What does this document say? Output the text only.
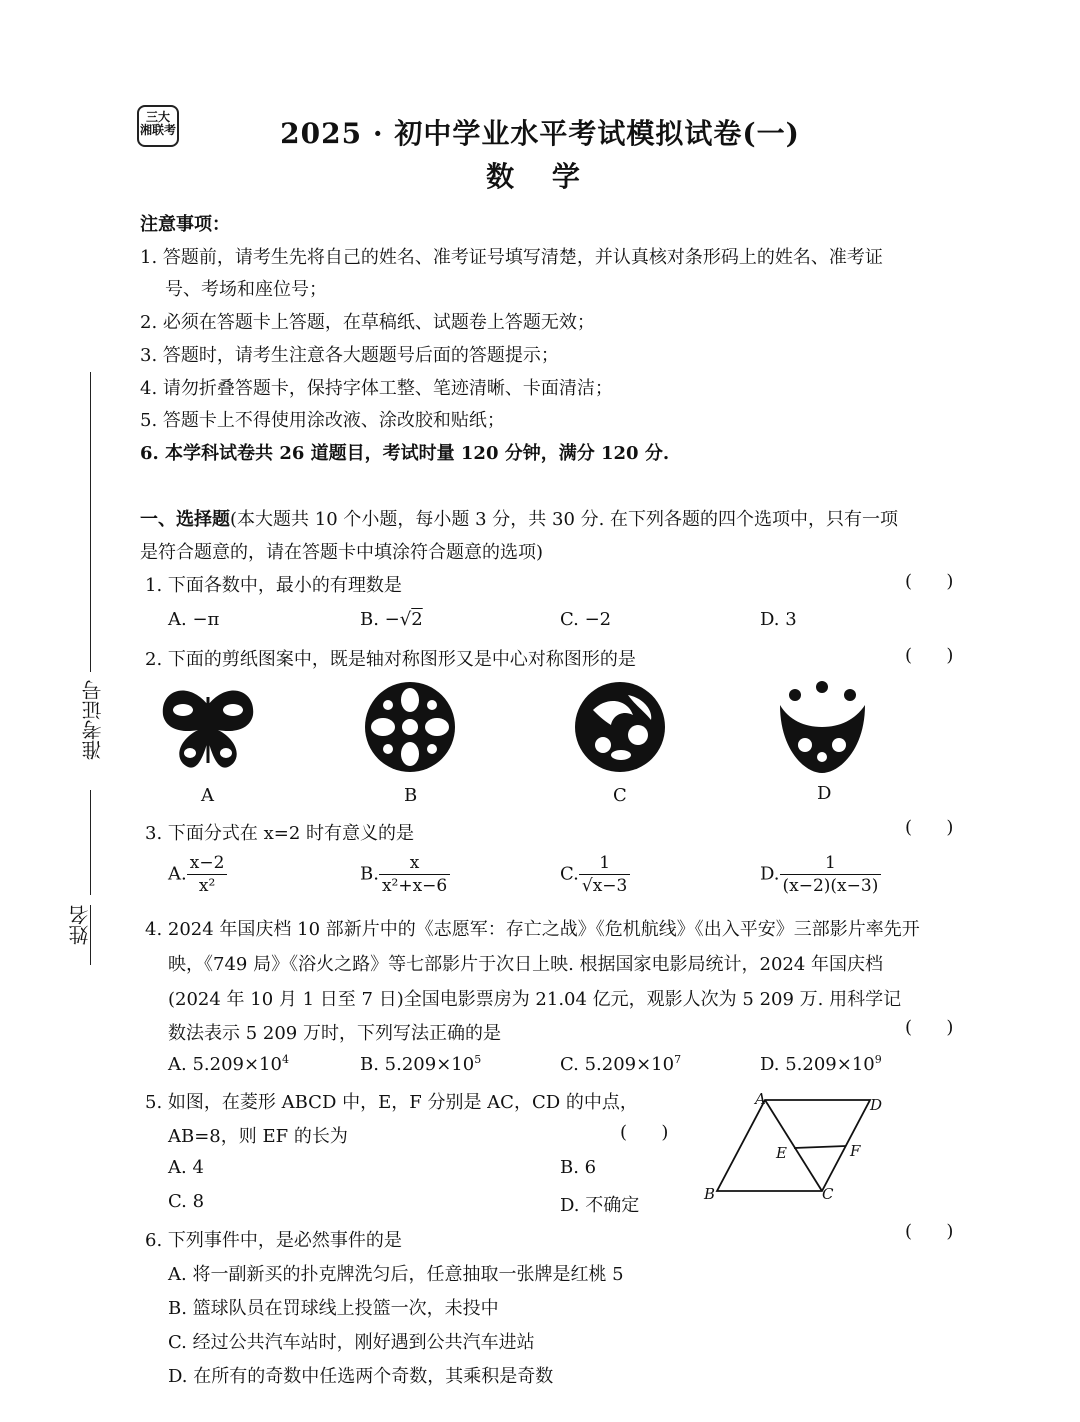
三大
湘联考	2025 · 初中学业水平考试模拟试卷(一)
数 学
注意事项：
1. 答题前，请考生先将自己的姓名、准考证号填写清楚，并认真核对条形码上的姓名、准考证
号、考场和座位号；
2. 必须在答题卡上答题，在草稿纸、试题卷上答题无效；
3. 答题时，请考生注意各大题题号后面的答题提示；
4. 请勿折叠答题卡，保持字体工整、笔迹清晰、卡面清洁；
5. 答题卡上不得使用涂改液、涂改胶和贴纸；
6. 本学科试卷共 26 道题目，考试时量 120 分钟，满分 120 分.
准考证号
姓名
一、选择题(本大题共 10 个小题，每小题 3 分，共 30 分. 在下列各题的四个选项中，只有一项
是符合题意的，请在答题卡中填涂符合题意的选项)
1. 下面各数中，最小的有理数是	(      )
A. −π	B. −√2	C. −2	D. 3
2. 下面的剪纸图案中，既是轴对称图形又是中心对称图形的是	(      )
A	B	C	D
3. 下面分式在 x=2 时有意义的是	(      )
A. $\frac{x-2}{\text{x²}}$	B. $\frac{x}{\text{x²+x−6}}$	C. $\frac{1}{√x-3}$	D. $\frac{1}{(x-2)(x-3)}$
4. 2024 年国庆档 10 部新片中的《志愿军：存亡之战》《危机航线》《出入平安》三部影片率先开
映，《749 局》《浴火之路》等七部影片于次日上映. 根据国家电影局统计，2024 年国庆档
(2024 年 10 月 1 日至 7 日)全国电影票房为 21.04 亿元，观影人次为 5 209 万. 用科学记
数法表示 5 209 万时，下列写法正确的是	(      )
A. $5.209\times 10^4$	B. $5.209\times 10^5$	C. $5.209\times 10^7$	D. $5.209\times 10^9$
5. 如图，在菱形 ABCD 中，E，F 分别是 AC，CD 的中点，
AB=8，则 EF 的长为	(      )
A. 4	B. 6
C. 8	D. 不确定
A	D
B	C
E	F
6. 下列事件中，是必然事件的是	(      )
A. 将一副新买的扑克牌洗匀后，任意抽取一张牌是红桃 5
B. 篮球队员在罚球线上投篮一次，未投中
C. 经过公共汽车站时，刚好遇到公共汽车进站
D. 在所有的奇数中任选两个奇数，其乘积是奇数
